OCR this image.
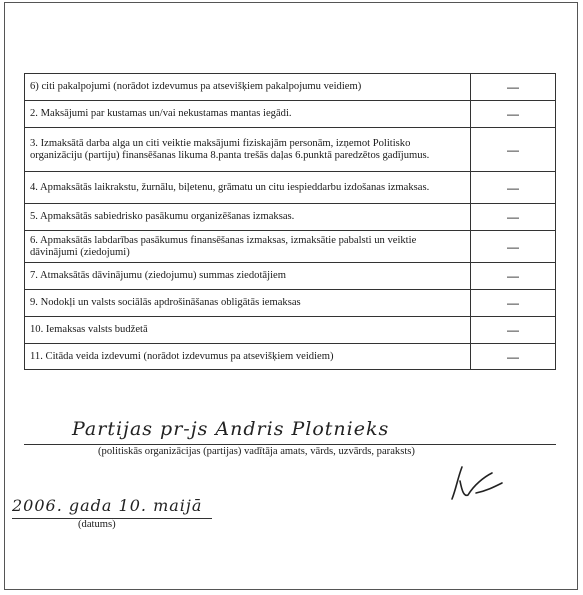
6) citi pakalpojumi (norādot izdevumus pa atsevišķiem pakalpojumu veidiem)	—
2. Maksājumi par kustamas un/vai nekustamas mantas iegādi.	—
3. Izmaksātā darba alga un citi veiktie maksājumi fiziskajām personām, izņemot Politisko organizāciju (partiju) finansēšanas likuma 8.panta trešās daļas 6.punktā paredzētos gadījumus.	—
4. Apmaksātās laikrakstu, žurnālu, biļetenu, grāmatu un citu iespieddarbu izdošanas izmaksas.	—
5. Apmaksātās sabiedrisko pasākumu organizēšanas izmaksas.	—
6. Apmaksātās labdarības pasākumus finansēšanas izmaksas, izmaksātie pabalsti un veiktie dāvinājumi (ziedojumi)	—
7. Atmaksātās dāvinājumu (ziedojumu) summas ziedotājiem	—
9. Nodokļi un valsts sociālās apdrošināšanas obligātās iemaksas	—
10. Iemaksas valsts budžetā	—
11. Citāda veida izdevumi (norādot izdevumus pa atsevišķiem veidiem)	—
Partijas pr-js Andris Plotnieks
(politiskās organizācijas (partijas) vadītāja amats, vārds, uzvārds, paraksts)
2006. gada 10. maijā
(datums)
